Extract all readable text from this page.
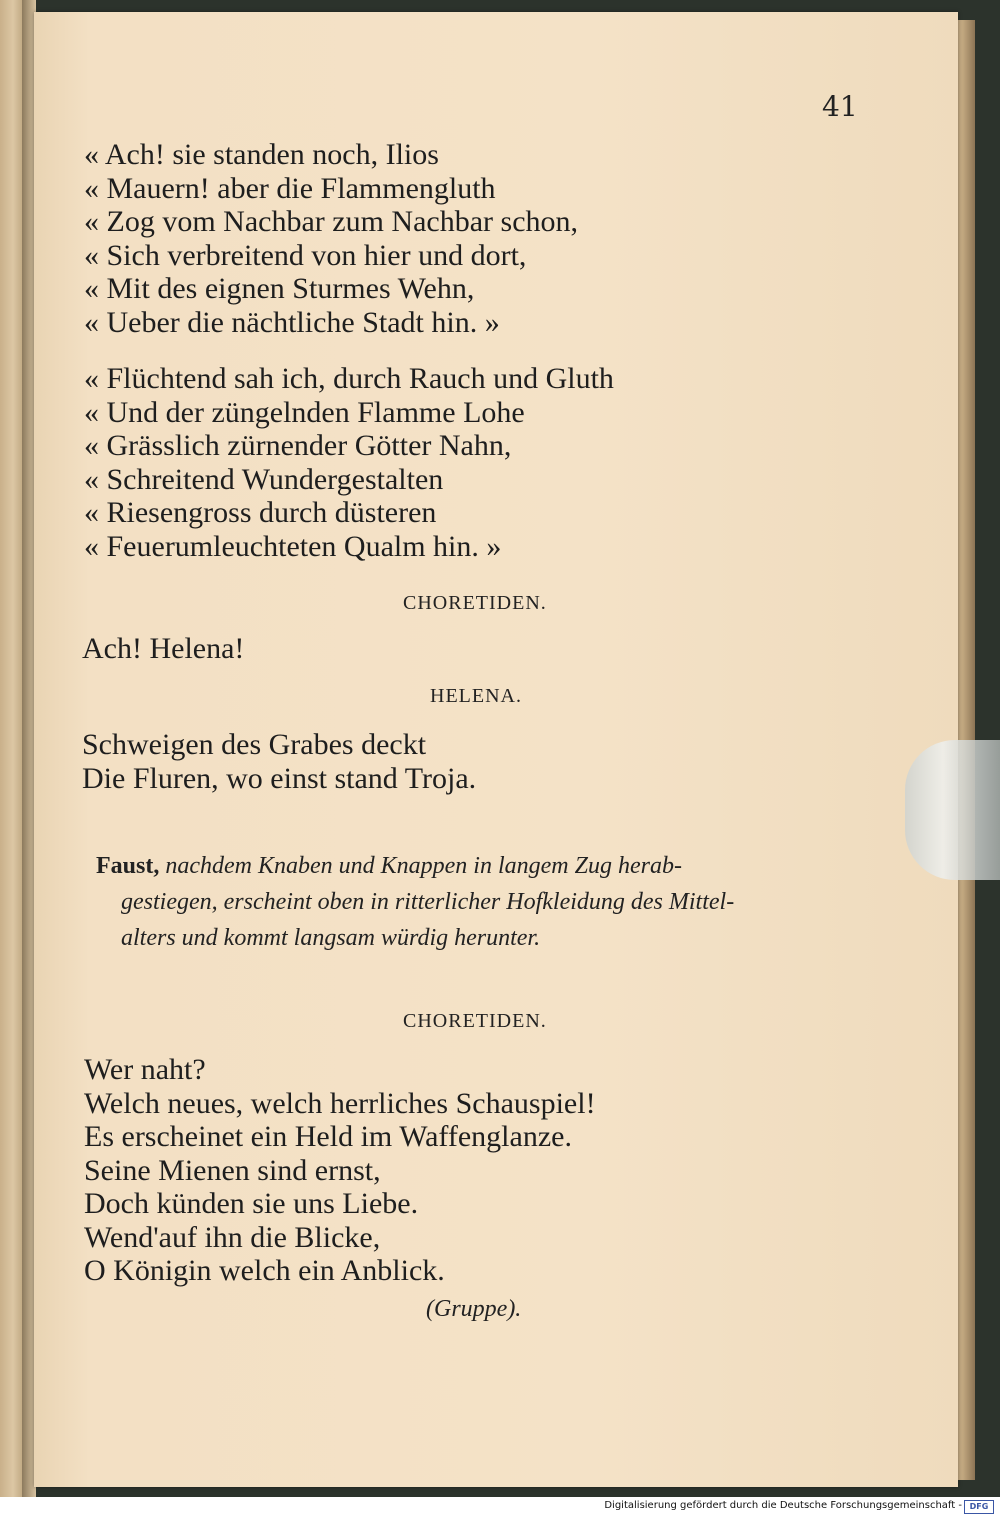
41
« Ach! sie standen noch, Ilios
« Mauern! aber die Flammengluth
« Zog vom Nachbar zum Nachbar schon,
« Sich verbreitend von hier und dort,
« Mit des eignen Sturmes Wehn,
« Ueber die nächtliche Stadt hin. »
« Flüchtend sah ich, durch Rauch und Gluth
« Und der züngelnden Flamme Lohe
« Grässlich zürnender Götter Nahn,
« Schreitend Wundergestalten
« Riesengross durch düsteren
« Feuerumleuchteten Qualm hin. »
CHORETIDEN.
Ach! Helena!
HELENA.
Schweigen des Grabes deckt
Die Fluren, wo einst stand Troja.
Faust, nachdem Knaben und Knappen in langem Zug herab-
gestiegen, erscheint oben in ritterlicher Hofkleidung des Mittel-
alters und kommt langsam würdig herunter.
CHORETIDEN.
Wer naht?
Welch neues, welch herrliches Schauspiel!
Es erscheinet ein Held im Waffenglanze.
Seine Mienen sind ernst,
Doch künden sie uns Liebe.
Wend'auf ihn die Blicke,
O Königin welch ein Anblick.
(Gruppe).
Digitalisierung gefördert durch die Deutsche Forschungsgemeinschaft - DFG
